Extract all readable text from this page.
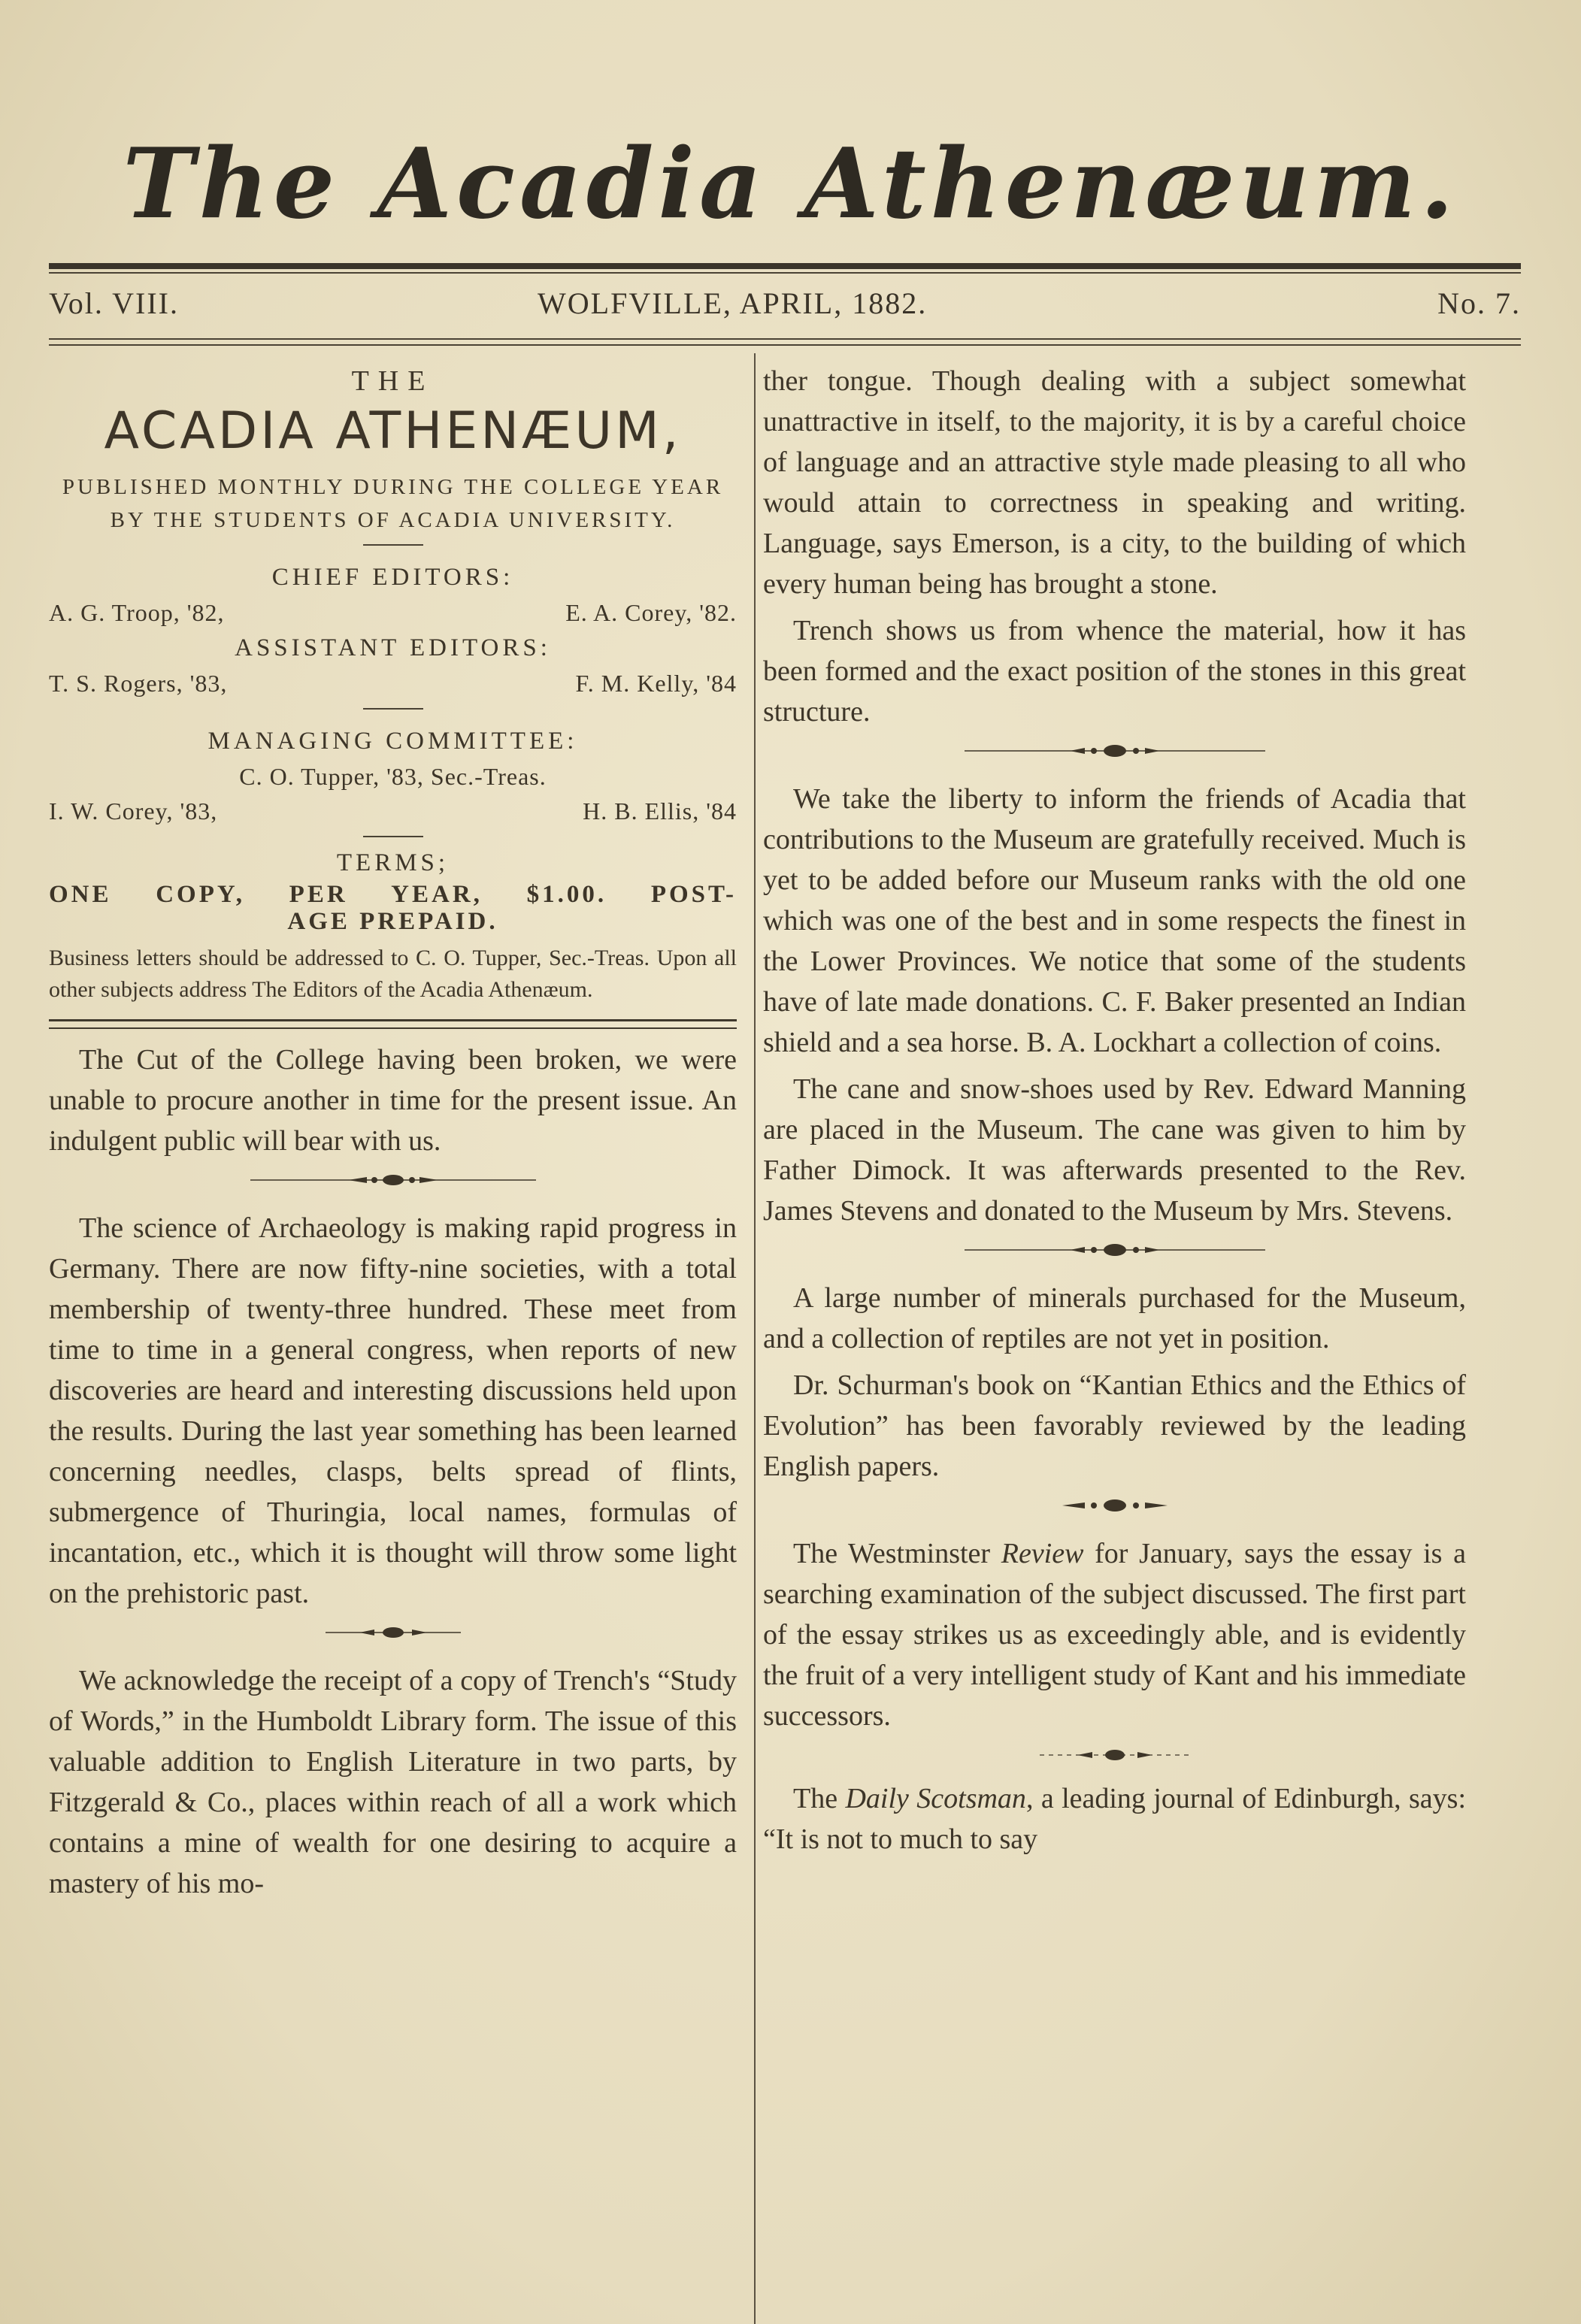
The Acadia Athenæum.
Vol. VIII.	WOLFVILLE, APRIL, 1882.	No. 7.
THE
ACADIA ATHENÆUM,
PUBLISHED MONTHLY DURING THE COLLEGE YEAR BY THE STUDENTS OF ACADIA UNIVERSITY.
CHIEF EDITORS:
A. G. Troop, '82,	E. A. Corey, '82.
ASSISTANT EDITORS:
T. S. Rogers, '83,	F. M. Kelly, '84
MANAGING COMMITTEE:
C. O. Tupper, '83, Sec.-Treas.
I. W. Corey, '83,	H. B. Ellis, '84
TERMS;
ONE COPY, PER YEAR, $1.00. POST-
AGE PREPAID.
Business letters should be addressed to C. O. Tupper, Sec.-Treas. Upon all other subjects address The Editors of the Acadia Athenæum.

The Cut of the College having been broken, we were unable to procure another in time for the present issue. An indulgent public will bear with us.

The science of Archaeology is making rapid progress in Germany. There are now fifty-nine societies, with a total membership of twenty-three hundred. These meet from time to time in a general congress, when reports of new discoveries are heard and interesting discussions held upon the results. During the last year something has been learned concerning needles, clasps, belts spread of flints, submergence of Thuringia, local names, formulas of incantation, etc., which it is thought will throw some light on the prehistoric past.

We acknowledge the receipt of a copy of Trench's “Study of Words,” in the Humboldt Library form. The issue of this valuable addition to English Literature in two parts, by Fitzgerald & Co., places within reach of all a work which contains a mine of wealth for one desiring to acquire a mastery of his mo-

ther tongue. Though dealing with a subject somewhat unattractive in itself, to the majority, it is by a careful choice of language and an attractive style made pleasing to all who would attain to correctness in speaking and writing. Language, says Emerson, is a city, to the building of which every human being has brought a stone.

Trench shows us from whence the material, how it has been formed and the exact position of the stones in this great structure.

We take the liberty to inform the friends of Acadia that contributions to the Museum are gratefully received. Much is yet to be added before our Museum ranks with the old one which was one of the best and in some respects the finest in the Lower Provinces. We notice that some of the students have of late made donations. C. F. Baker presented an Indian shield and a sea horse. B. A. Lockhart a collection of coins.

The cane and snow-shoes used by Rev. Edward Manning are placed in the Museum. The cane was given to him by Father Dimock. It was afterwards presented to the Rev. James Stevens and donated to the Museum by Mrs. Stevens.

A large number of minerals purchased for the Museum, and a collection of reptiles are not yet in position.

Dr. Schurman's book on “Kantian Ethics and the Ethics of Evolution” has been favorably reviewed by the leading English papers.

The Westminster Review for January, says the essay is a searching examination of the subject discussed. The first part of the essay strikes us as exceedingly able, and is evidently the fruit of a very intelligent study of Kant and his immediate successors.

The Daily Scotsman, a leading journal of Edinburgh, says: “It is not to much to say
